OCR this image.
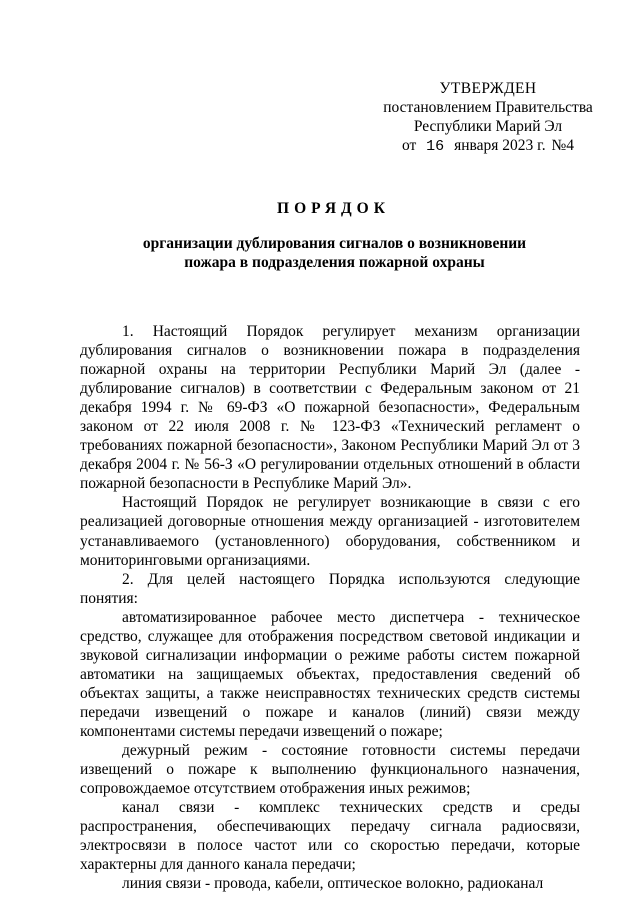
УТВЕРЖДЕН
постановлением Правительства
Республики Марий Эл
от 16 января 2023 г. №4
ПОРЯДОК
организации дублирования сигналов о возникновении
пожара в подразделения пожарной охраны

1. Настоящий Порядок регулирует механизм организации дублирования сигналов о возникновении пожара в подразделения пожарной охраны на территории Республики Марий Эл (далее - дублирование сигналов) в соответствии с Федеральным законом от 21 декабря 1994 г. № 69-ФЗ «О пожарной безопасности», Федеральным законом от 22 июля 2008 г. № 123-ФЗ «Технический регламент о требованиях пожарной безопасности», Законом Республики Марий Эл от 3 декабря 2004 г. № 56-З «О регулировании отдельных отношений в области пожарной безопасности в Республике Марий Эл».

Настоящий Порядок не регулирует возникающие в связи с его реализацией договорные отношения между организацией - изготовителем устанавливаемого (установленного) оборудования, собственником и мониторинговыми организациями.

2. Для целей настоящего Порядка используются следующие понятия:

автоматизированное рабочее место диспетчера - техническое средство, служащее для отображения посредством световой индикации и звуковой сигнализации информации о режиме работы систем пожарной автоматики на защищаемых объектах, предоставления сведений об объектах защиты, а также неисправностях технических средств системы передачи извещений о пожаре и каналов (линий) связи между компонентами системы передачи извещений о пожаре;

дежурный режим - состояние готовности системы передачи извещений о пожаре к выполнению функционального назначения, сопровождаемое отсутствием отображения иных режимов;

канал связи - комплекс технических средств и среды распространения, обеспечивающих передачу сигнала радиосвязи, электросвязи в полосе частот или со скоростью передачи, которые характерны для данного канала передачи;

линия связи - провода, кабели, оптическое волокно, радиоканал
